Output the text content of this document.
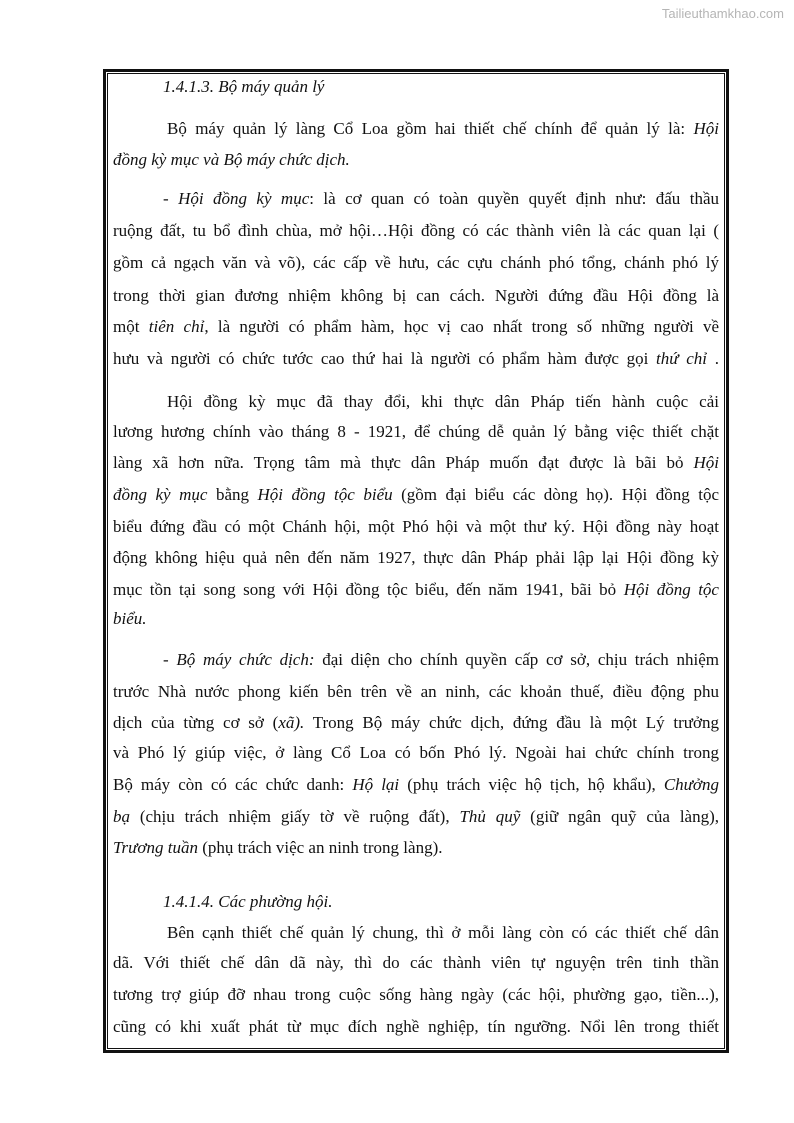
Tailieuthamkhao.com
1.4.1.3. Bộ máy quản lý
Bộ máy quản lý làng Cổ Loa gồm hai thiết chế chính để quản lý là: Hội
đồng kỳ mục và Bộ máy chức dịch.
- Hội đồng kỳ mục: là cơ quan có toàn quyền quyết định như: đấu thầu
ruộng đất, tu bổ đình chùa, mở hội…Hội đồng có các thành viên là các quan lại (
gồm cả ngạch văn và võ), các cấp về hưu, các cựu chánh phó tổng, chánh phó lý
trong thời gian đương nhiệm không bị can cách. Người đứng đầu Hội đồng là
một tiên chỉ, là người có phẩm hàm, học vị cao nhất trong số những người về
hưu và người có chức tước cao thứ hai là người có phẩm hàm được gọi thứ chỉ .
Hội đồng kỳ mục đã thay đổi, khi thực dân Pháp tiến hành cuộc cải
lương hương chính vào tháng 8 - 1921, để chúng dễ quản lý bằng việc thiết chặt
làng xã hơn nữa. Trọng tâm mà thực dân Pháp muốn đạt được là bãi bỏ Hội
đồng kỳ mục bằng Hội đồng tộc biểu (gồm đại biểu các dòng họ). Hội đồng tộc
biểu đứng đầu có một Chánh hội, một Phó hội và một thư ký. Hội đồng này hoạt
động không hiệu quả nên đến năm 1927, thực dân Pháp phải lập lại Hội đồng kỳ
mục tồn tại song song với Hội đồng tộc biểu, đến năm 1941, bãi bỏ Hội đồng tộc
biểu.
- Bộ máy chức dịch: đại diện cho chính quyền cấp cơ sở, chịu trách nhiệm
trước Nhà nước phong kiến bên trên về an ninh, các khoản thuế, điều động phu
dịch của từng cơ sở (xã). Trong Bộ máy chức dịch, đứng đầu là một Lý trưởng
và Phó lý giúp việc, ở làng Cổ Loa có bốn Phó lý. Ngoài hai chức chính trong
Bộ máy còn có các chức danh: Hộ lại (phụ trách việc hộ tịch, hộ khẩu), Chưởng
bạ (chịu trách nhiệm giấy tờ về ruộng đất), Thủ quỹ (giữ ngân quỹ của làng),
Trương tuần (phụ trách việc an ninh trong làng).
1.4.1.4. Các phường hội.
Bên cạnh thiết chế quản lý chung, thì ở mỗi làng còn có các thiết chế dân
dã. Với thiết chế dân dã này, thì do các thành viên tự nguyện trên tinh thần
tương trợ giúp đỡ nhau trong cuộc sống hàng ngày (các hội, phường gạo, tiền...),
cũng có khi xuất phát từ mục đích nghề nghiệp, tín ngưỡng. Nổi lên trong thiết
